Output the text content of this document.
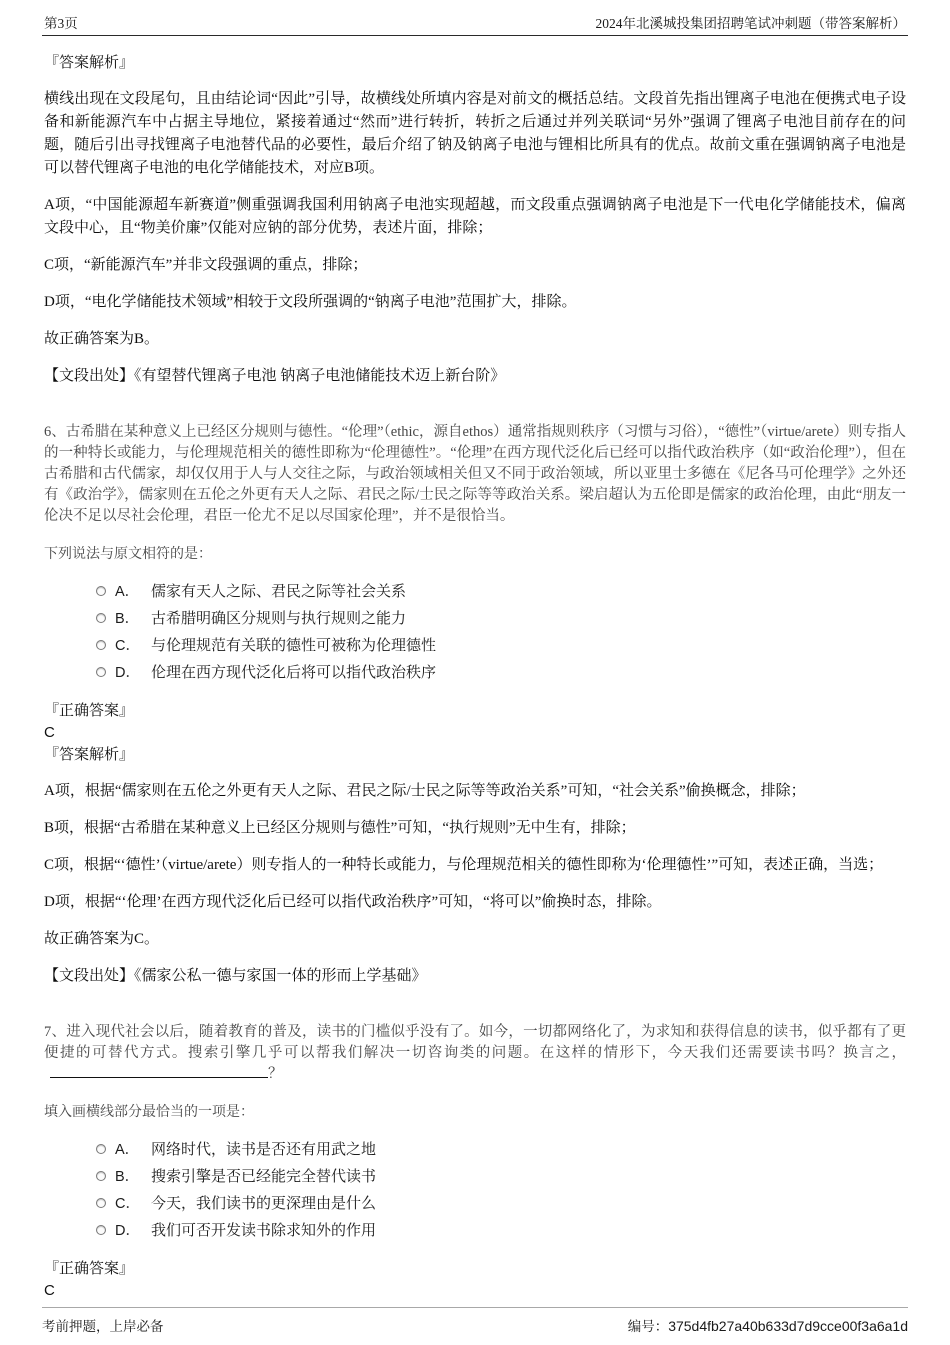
第3页	2024年北溪城投集团招聘笔试冲刺题（带答案解析）
『答案解析』

横线出现在文段尾句，且由结论词“因此”引导，故横线处所填内容是对前文的概括总结。文段首先指出锂离子电池在便携式电子设备和新能源汽车中占据主导地位，紧接着通过“然而”进行转折，转折之后通过并列关联词“另外”强调了锂离子电池目前存在的问题，随后引出寻找锂离子电池替代品的必要性，最后介绍了钠及钠离子电池与锂相比所具有的优点。故前文重在强调钠离子电池是可以替代锂离子电池的电化学储能技术，对应B项。

A项，“中国能源超车新赛道”侧重强调我国利用钠离子电池实现超越，而文段重点强调钠离子电池是下一代电化学储能技术，偏离文段中心，且“物美价廉”仅能对应钠的部分优势，表述片面，排除；

C项，“新能源汽车”并非文段强调的重点，排除；

D项，“电化学储能技术领域”相较于文段所强调的“钠离子电池”范围扩大，排除。

故正确答案为B。

【文段出处】《有望替代锂离子电池 钠离子电池储能技术迈上新台阶》

6、古希腊在某种意义上已经区分规则与德性。“伦理”（ethic，源自ethos）通常指规则秩序（习惯与习俗），“德性”（virtue/arete）则专指人的一种特长或能力，与伦理规范相关的德性即称为“伦理德性”。“伦理”在西方现代泛化后已经可以指代政治秩序（如“政治伦理”），但在古希腊和古代儒家，却仅仅用于人与人交往之际，与政治领域相关但又不同于政治领域，所以亚里士多德在《尼各马可伦理学》之外还有《政治学》，儒家则在五伦之外更有天人之际、君民之际/士民之际等等政治关系。梁启超认为五伦即是儒家的政治伦理，由此“朋友一伦决不足以尽社会伦理，君臣一伦尤不足以尽国家伦理”，并不是很恰当。

下列说法与原文相符的是：

A． 儒家有天人之际、君民之际等社会关系
B． 古希腊明确区分规则与执行规则之能力
C． 与伦理规范有关联的德性可被称为伦理德性
D． 伦理在西方现代泛化后将可以指代政治秩序
『正确答案』
C
『答案解析』

A项，根据“儒家则在五伦之外更有天人之际、君民之际/士民之际等等政治关系”可知，“社会关系”偷换概念，排除；

B项，根据“古希腊在某种意义上已经区分规则与德性”可知，“执行规则”无中生有，排除；

C项，根据“‘德性’（virtue/arete）则专指人的一种特长或能力，与伦理规范相关的德性即称为‘伦理德性’”可知，表述正确，当选；

D项，根据“‘伦理’在西方现代泛化后已经可以指代政治秩序”可知，“将可以”偷换时态，排除。

故正确答案为C。

【文段出处】《儒家公私一德与家国一体的形而上学基础》

7、进入现代社会以后，随着教育的普及，读书的门槛似乎没有了。如今，一切都网络化了，为求知和获得信息的读书，似乎都有了更便捷的可替代方式。搜索引擎几乎可以帮我们解决一切咨询类的问题。在这样的情形下，今天我们还需要读书吗？换言之，？

填入画横线部分最恰当的一项是：

A． 网络时代，读书是否还有用武之地
B． 搜索引擎是否已经能完全替代读书
C． 今天，我们读书的更深理由是什么
D． 我们可否开发读书除求知外的作用
『正确答案』
C
考前押题，上岸必备	编号：375d4fb27a40b633d7d9cce00f3a6a1d
